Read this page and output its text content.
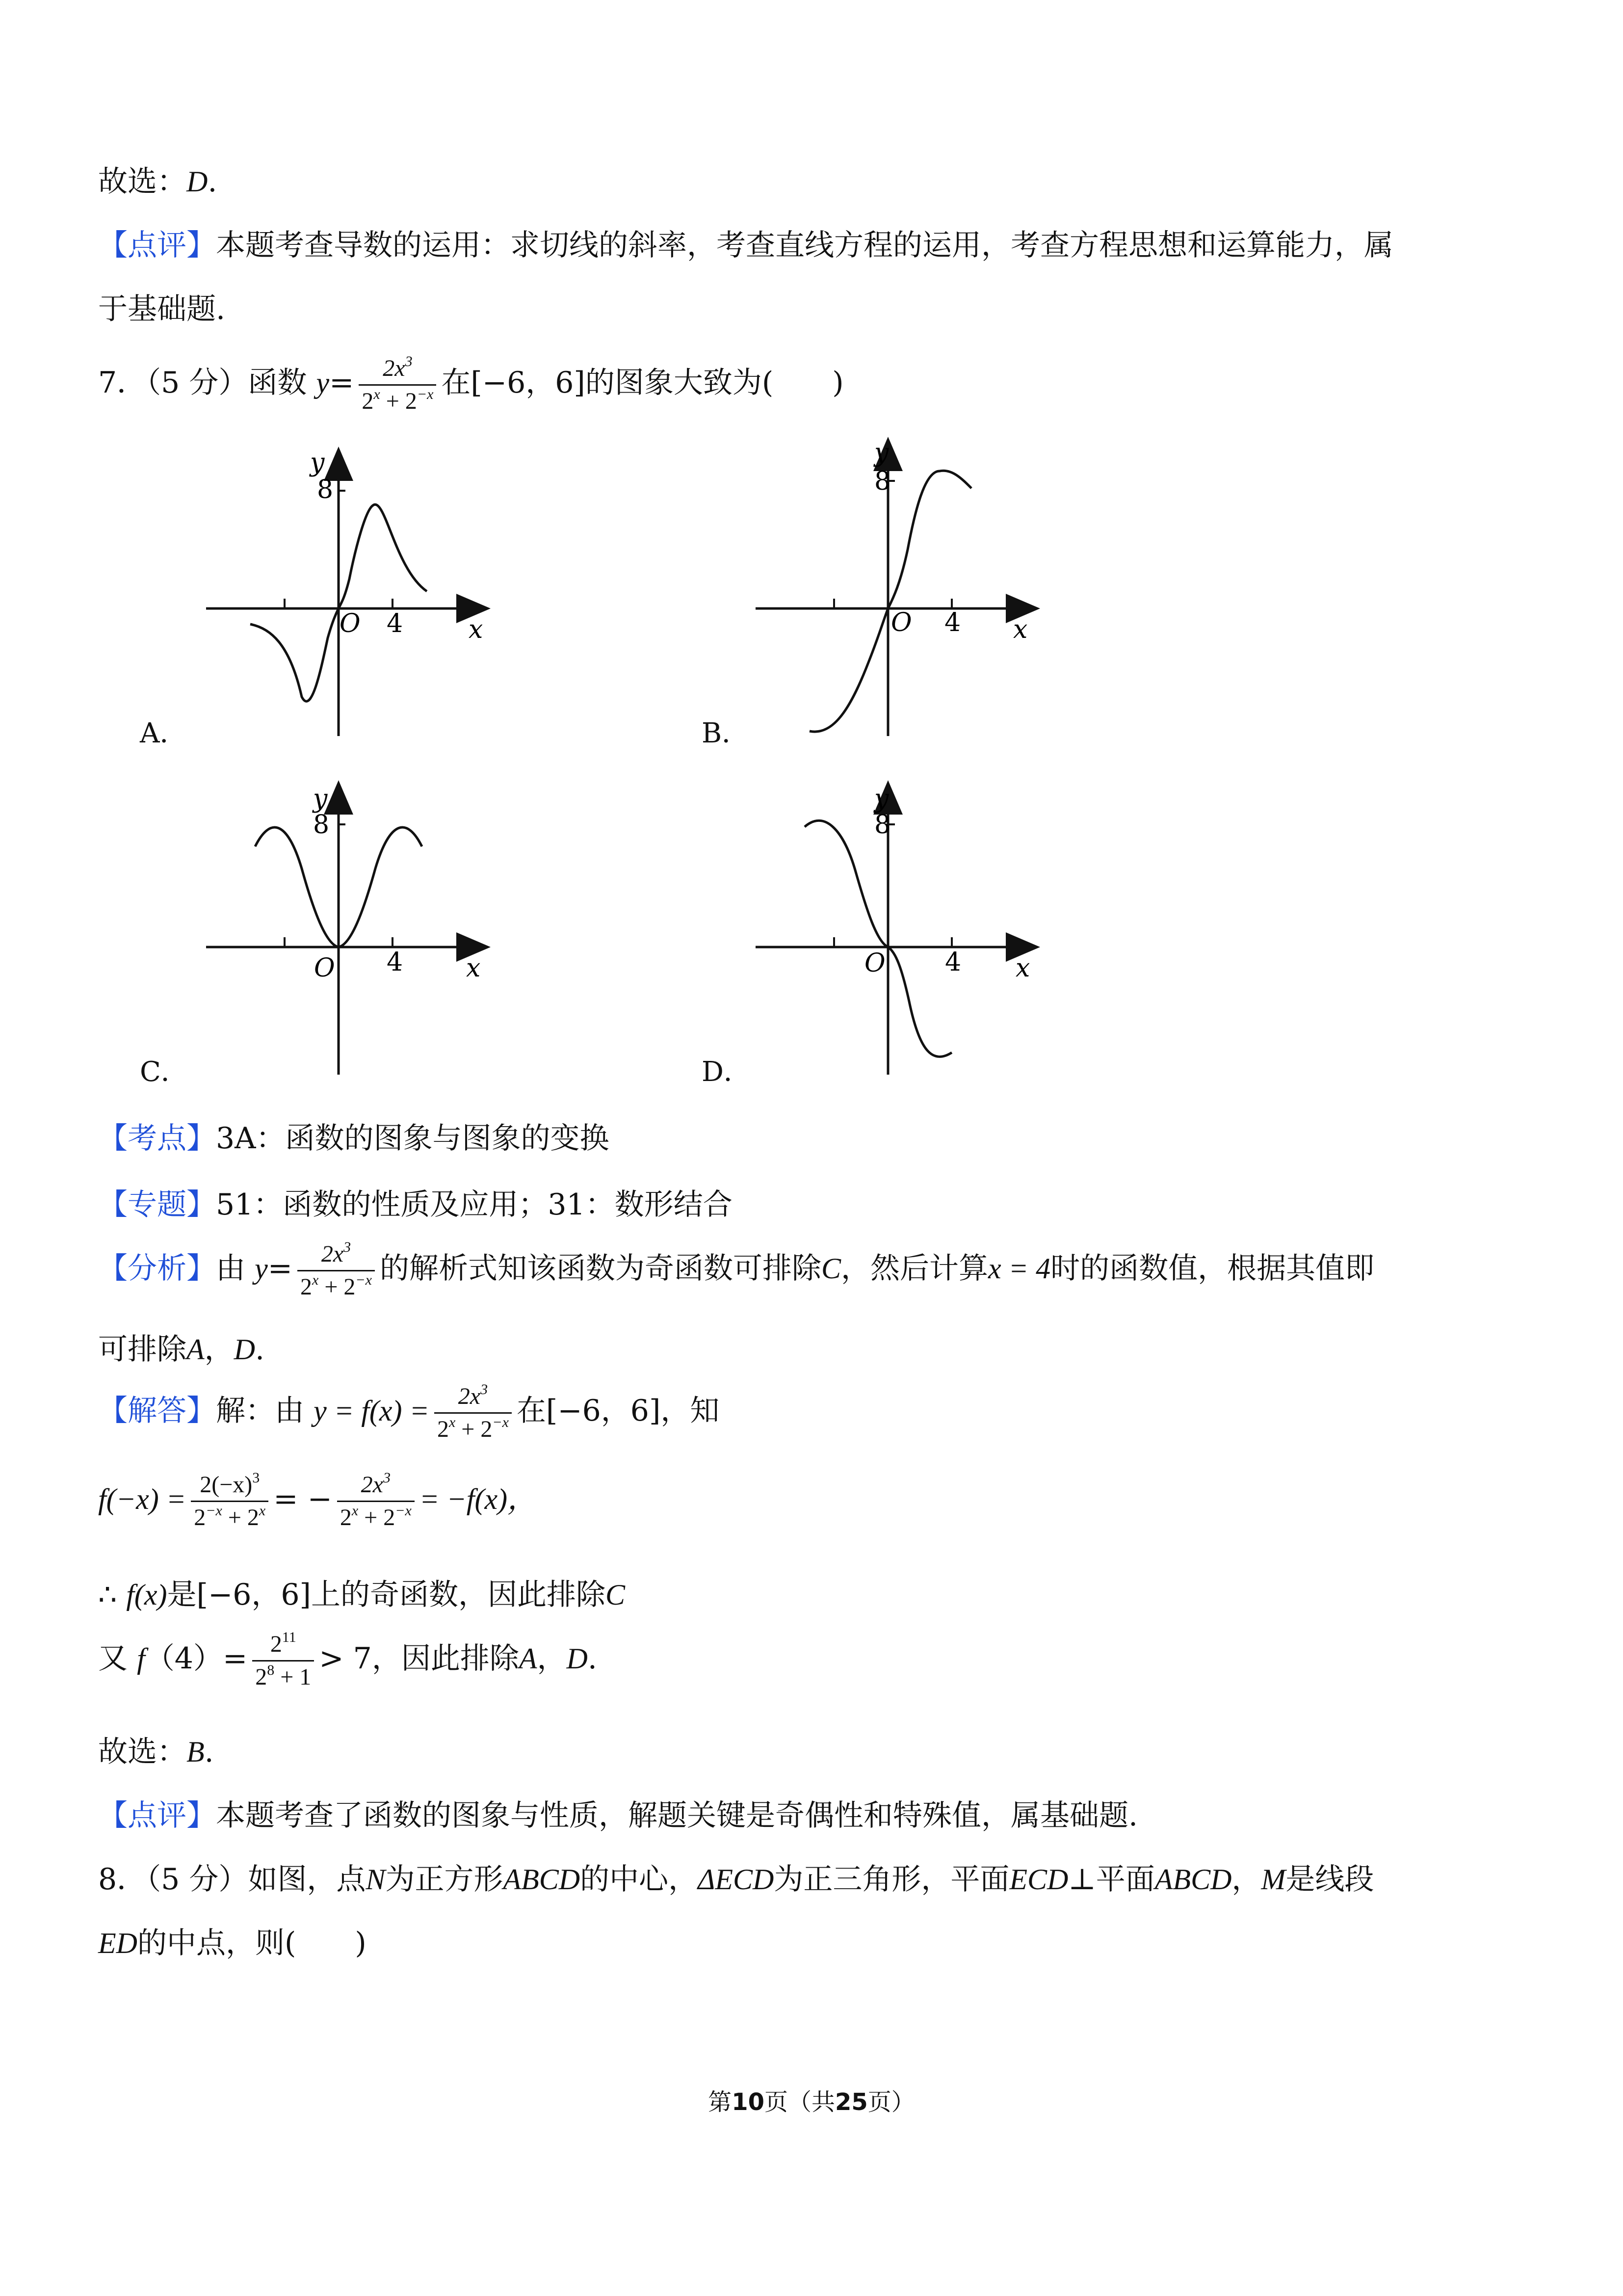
故选：D.
【点评】本题考查导数的运用：求切线的斜率，考查直线方程的运用，考查方程思想和运算能力，属
于基础题.
7．（5 分）函数 $y= \frac{2x^3}{2^x + 2^{-x}}$ 在[−6，6]的图象大致为(　　)
y
8
O 4	x
A．
y
8
O 4 x
B．
y
8
O 4 x
C．
y
8
O 4 x
D．
【考点】3A：函数的图象与图象的变换
【专题】51：函数的性质及应用；31：数形结合
【分析】由 $y= \frac{2x^3}{2^x + 2^{-x}}$ 的解析式知该函数为奇函数可排除C，然后计算x = 4时的函数值，根据其值即
可排除A，D.
【解答】解：由 $y = f(x) = \frac{2x^3}{2^x + 2^{-x}}$ 在[−6，6]，知
$f(-x) = \frac{2(-x)^3}{2^{-x} + 2^x}$ = − $\frac{2x^3}{2^x + 2^{-x}} = -f(x)$，
∴ f(x)是[−6，6]上的奇函数，因此排除C
又 $f(4)= \frac{2^{11}}{2^8 + 1} > 7$，因此排除A，D.
故选：B.
【点评】本题考查了函数的图象与性质，解题关键是奇偶性和特殊值，属基础题.
8．（5 分）如图，点N为正方形ABCD的中心，ΔECD为正三角形，平面ECD⊥平面ABCD，M是线段
ED的中点，则(　　)
第10页（共25页）
